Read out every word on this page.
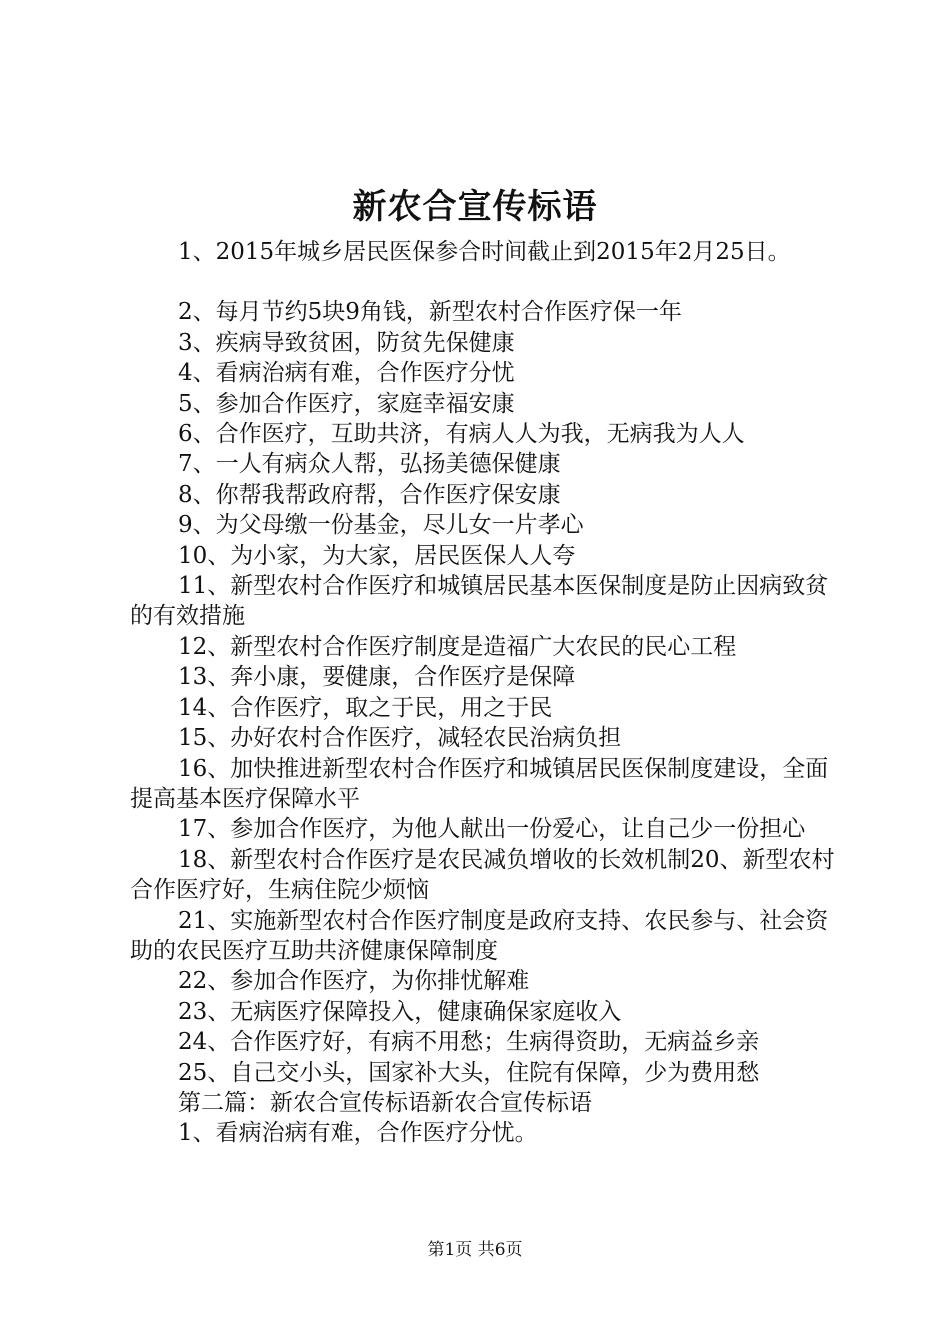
新农合宣传标语

1、2015年城乡居民医保参合时间截止到2015年2月25日。

2、每月节约5块9角钱，新型农村合作医疗保一年

3、疾病导致贫困，防贫先保健康

4、看病治病有难，合作医疗分忧

5、参加合作医疗，家庭幸福安康

6、合作医疗，互助共济，有病人人为我，无病我为人人

7、一人有病众人帮，弘扬美德保健康

8、你帮我帮政府帮，合作医疗保安康

9、为父母缴一份基金，尽儿女一片孝心

10、为小家，为大家，居民医保人人夸

11、新型农村合作医疗和城镇居民基本医保制度是防止因病致贫的有效措施

12、新型农村合作医疗制度是造福广大农民的民心工程

13、奔小康，要健康，合作医疗是保障

14、合作医疗，取之于民，用之于民

15、办好农村合作医疗，减轻农民治病负担

16、加快推进新型农村合作医疗和城镇居民医保制度建设，全面提高基本医疗保障水平

17、参加合作医疗，为他人献出一份爱心，让自己少一份担心

18、新型农村合作医疗是农民减负增收的长效机制20、新型农村合作医疗好，生病住院少烦恼

21、实施新型农村合作医疗制度是政府支持、农民参与、社会资助的农民医疗互助共济健康保障制度

22、参加合作医疗，为你排忧解难

23、无病医疗保障投入，健康确保家庭收入

24、合作医疗好，有病不用愁；生病得资助，无病益乡亲

25、自己交小头，国家补大头，住院有保障，少为费用愁

第二篇：新农合宣传标语新农合宣传标语

1、看病治病有难，合作医疗分忧。

第1页 共6页
